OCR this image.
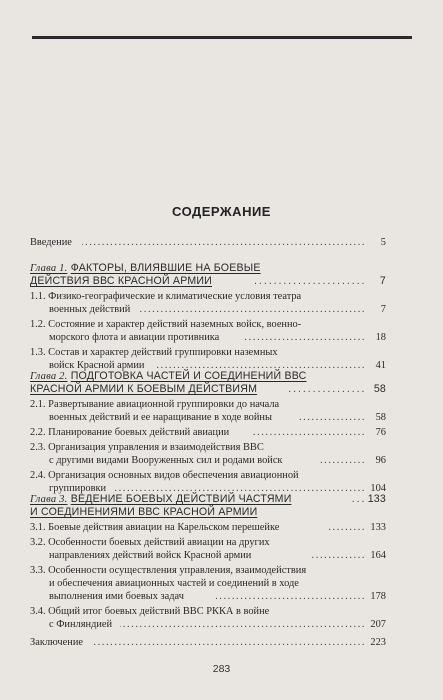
СОДЕРЖАНИЕ
Введение . . .	5
Глава 1. ФАКТОРЫ, ВЛИЯВШИЕ НА БОЕВЫЕ
ДЕЙСТВИЯ ВВС КРАСНОЙ АРМИИ . . .	7
1.1. Физико-географические и климатические условия театра
военных действий . . .	7
1.2. Состояние и характер действий наземных войск, военно-
морского флота и авиации противника . . .	18
1.3. Состав и характер действий группировки наземных
войск Красной армии . . .	41
Глава 2. ПОДГОТОВКА ЧАСТЕЙ И СОЕДИНЕНИЙ ВВС
КРАСНОЙ АРМИИ К БОЕВЫМ ДЕЙСТВИЯМ . . .	58
2.1. Развертывание авиационной группировки до начала
военных действий и ее наращивание в ходе войны . . .	58
2.2. Планирование боевых действий авиации . . .	76
2.3. Организация управления и взаимодействия ВВС
с другими видами Вооруженных сил и родами войск . . .	96
2.4. Организация основных видов обеспечения авиационной
группировки . . .	104
Глава 3. ВЕДЕНИЕ БОЕВЫХ ДЕЙСТВИЙ ЧАСТЯМИ . . .	133
И СОЕДИНЕНИЯМИ ВВС КРАСНОЙ АРМИИ
3.1. Боевые действия авиации на Карельском перешейке . . .	133
3.2. Особенности боевых действий авиации на других
направлениях действий войск Красной армии . . .	164
3.3. Особенности осуществления управления, взаимодействия
и обеспечения авиационных частей и соединений в ходе
выполнения ими боевых задач . . .	178
3.4. Общий итог боевых действий ВВС РККА в войне
с Финляндией . . .	207
Заключение . . .	223
283
